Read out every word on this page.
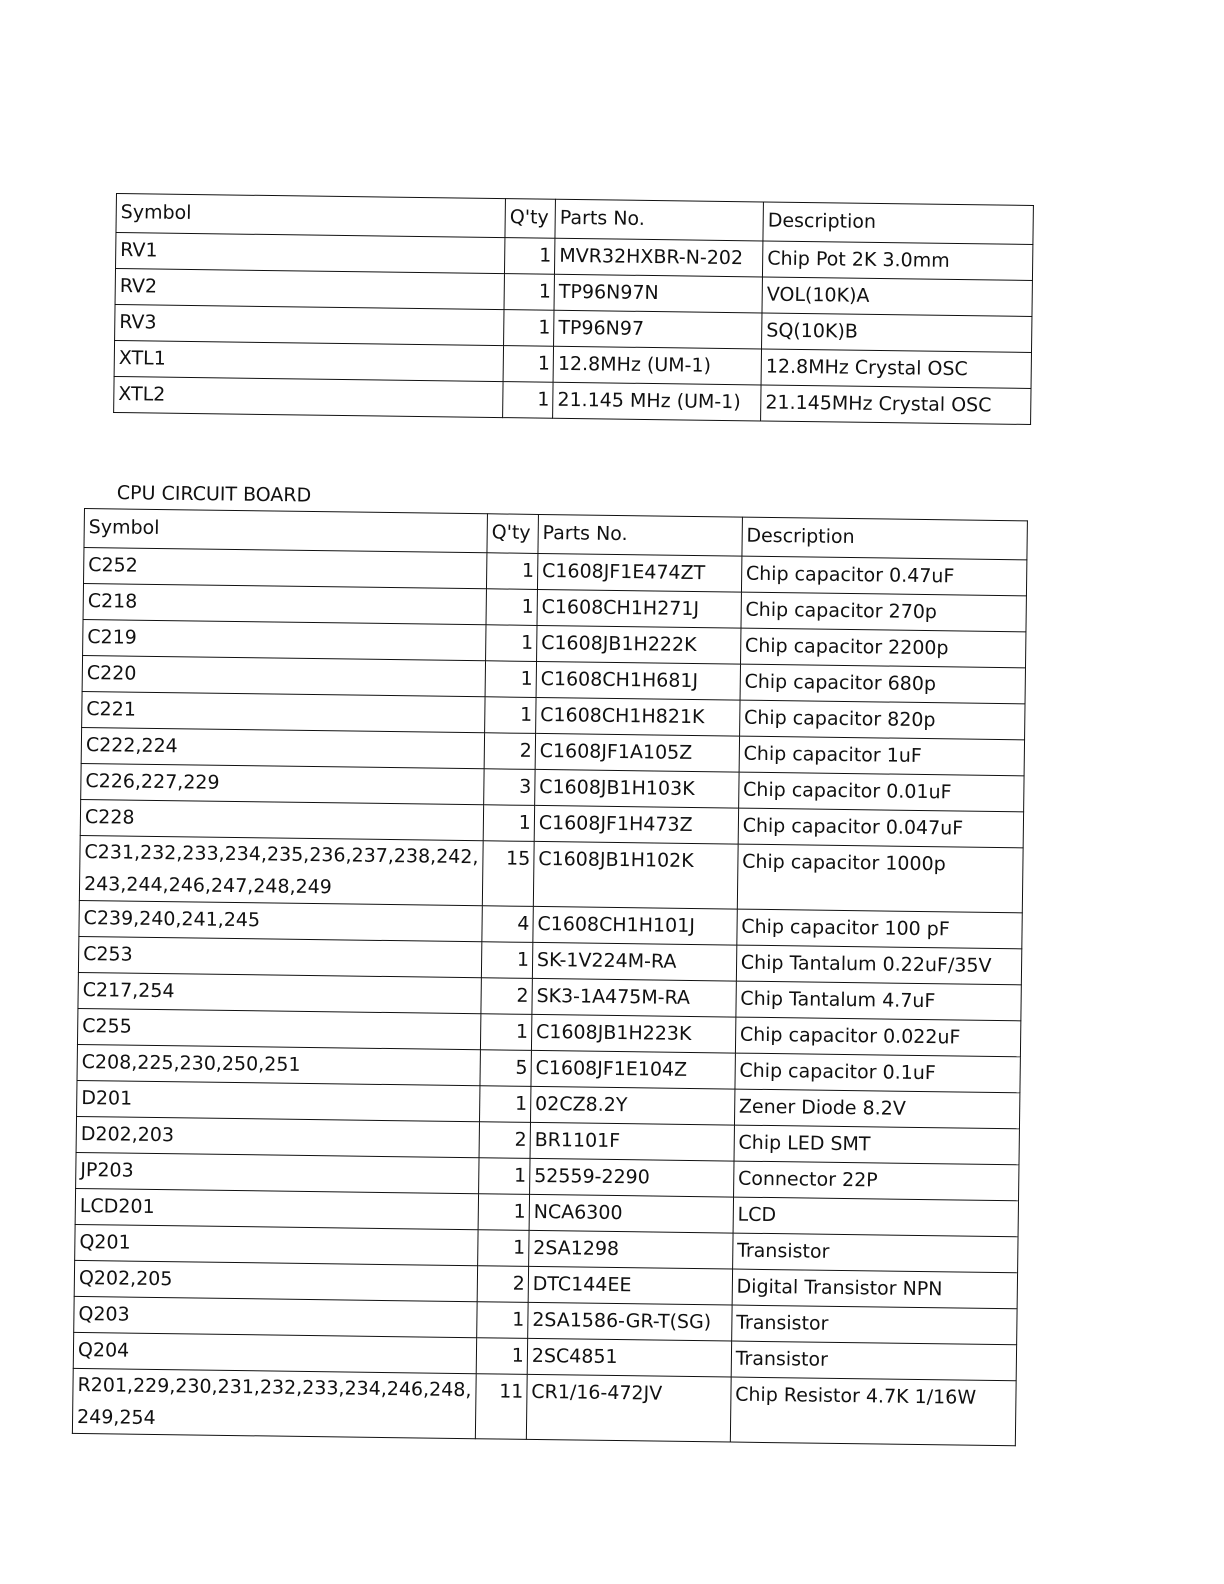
Symbol	Q'ty	Parts No.	Description
RV1	1	MVR32HXBR-N-202	Chip Pot 2K 3.0mm
RV2	1	TP96N97N	VOL(10K)A
RV3	1	TP96N97	SQ(10K)B
XTL1	1	12.8MHz (UM-1)	12.8MHz Crystal OSC
XTL2	1	21.145 MHz (UM-1)	21.145MHz Crystal OSC
CPU CIRCUIT BOARD
Symbol	Q'ty	Parts No.	Description
C252	1	C1608JF1E474ZT	Chip capacitor 0.47uF
C218	1	C1608CH1H271J	Chip capacitor 270p
C219	1	C1608JB1H222K	Chip capacitor 2200p
C220	1	C1608CH1H681J	Chip capacitor 680p
C221	1	C1608CH1H821K	Chip capacitor 820p
C222,224	2	C1608JF1A105Z	Chip capacitor 1uF
C226,227,229	3	C1608JB1H103K	Chip capacitor 0.01uF
C228	1	C1608JF1H473Z	Chip capacitor 0.047uF
C231,232,233,234,235,236,237,238,242,
243,244,246,247,248,249	15	C1608JB1H102K	Chip capacitor 1000p
C239,240,241,245	4	C1608CH1H101J	Chip capacitor 100 pF
C253	1	SK-1V224M-RA	Chip Tantalum 0.22uF/35V
C217,254	2	SK3-1A475M-RA	Chip Tantalum 4.7uF
C255	1	C1608JB1H223K	Chip capacitor 0.022uF
C208,225,230,250,251	5	C1608JF1E104Z	Chip capacitor 0.1uF
D201	1	02CZ8.2Y	Zener Diode 8.2V
D202,203	2	BR1101F	Chip LED SMT
JP203	1	52559-2290	Connector 22P
LCD201	1	NCA6300	LCD
Q201	1	2SA1298	Transistor
Q202,205	2	DTC144EE	Digital Transistor NPN
Q203	1	2SA1586-GR-T(SG)	Transistor
Q204	1	2SC4851	Transistor
R201,229,230,231,232,233,234,246,248,
249,254	11	CR1/16-472JV	Chip Resistor 4.7K 1/16W
